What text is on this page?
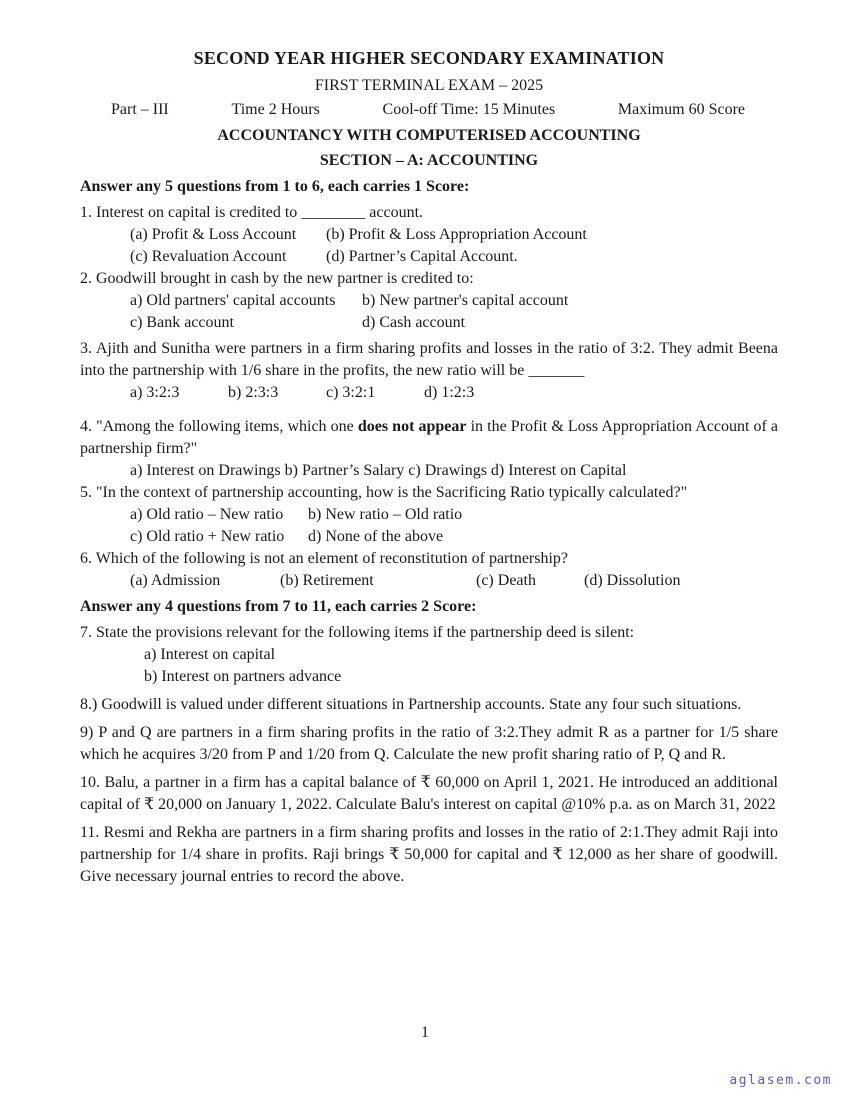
SECOND YEAR HIGHER SECONDARY EXAMINATION
FIRST TERMINAL EXAM – 2025
Part – III	Time 2 Hours	Cool-off Time: 15 Minutes	Maximum 60 Score
ACCOUNTANCY WITH COMPUTERISED ACCOUNTING
SECTION – A: ACCOUNTING

Answer any 5 questions from 1 to 6, each carries 1 Score:

1. Interest on capital is credited to ________ account.

(a) Profit & Loss Account (b) Profit & Loss Appropriation Account

(c) Revaluation Account (d) Partner’s Capital Account.

2. Goodwill brought in cash by the new partner is credited to:

a) Old partners' capital accounts b) New partner's capital account

c) Bank account	d) Cash account

3. Ajith and Sunitha were partners in a firm sharing profits and losses in the ratio of 3:2. They admit Beena into the partnership with 1/6 share in the profits, the new ratio will be _______

a) 3:2:3	b) 2:3:3	c) 3:2:1	d) 1:2:3

4. "Among the following items, which one does not appear in the Profit & Loss Appropriation Account of a partnership firm?"

a) Interest on Drawings b) Partner’s Salary c) Drawings d) Interest on Capital

5. "In the context of partnership accounting, how is the Sacrificing Ratio typically calculated?"

a) Old ratio – New ratio b) New ratio – Old ratio

c) Old ratio + New ratio d) None of the above

6. Which of the following is not an element of reconstitution of partnership?

(a) Admission	(b) Retirement	(c) Death	(d) Dissolution

Answer any 4 questions from 7 to 11, each carries 2 Score:

7. State the provisions relevant for the following items if the partnership deed is silent:

a) Interest on capital

b) Interest on partners advance

8.) Goodwill is valued under different situations in Partnership accounts. State any four such situations.

9) P and Q are partners in a firm sharing profits in the ratio of 3:2.They admit R as a partner for 1/5 share which he acquires 3/20 from P and 1/20 from Q. Calculate the new profit sharing ratio of P, Q and R.

10. Balu, a partner in a firm has a capital balance of ₹ 60,000 on April 1, 2021. He introduced an additional capital of ₹ 20,000 on January 1, 2022. Calculate Balu's interest on capital @10% p.a. as on March 31, 2022

11. Resmi and Rekha are partners in a firm sharing profits and losses in the ratio of 2:1.They admit Raji into partnership for 1/4 share in profits. Raji brings ₹ 50,000 for capital and ₹ 12,000 as her share of goodwill. Give necessary journal entries to record the above.

1
aglasem.com
